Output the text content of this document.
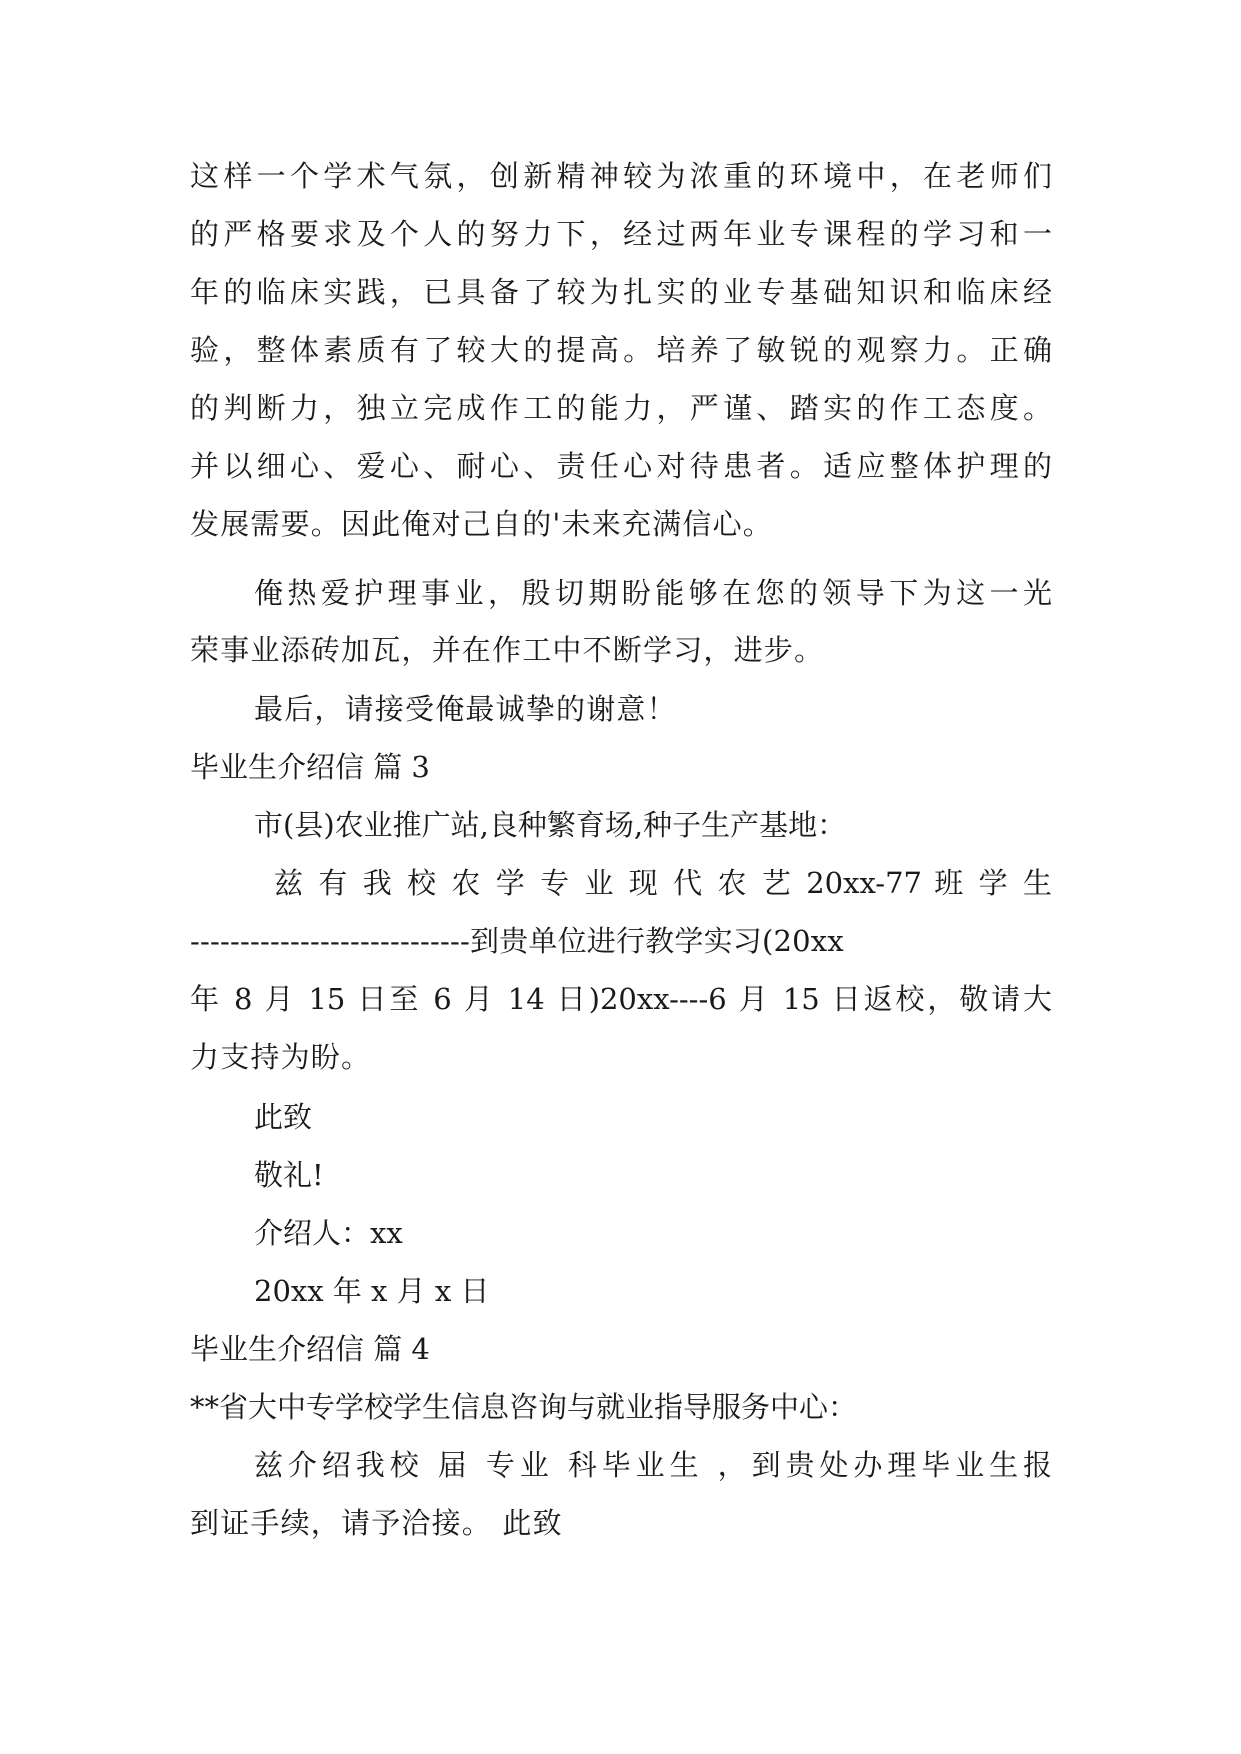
这样一个学术气氛，创新精神较为浓重的环境中，在老师们
的严格要求及个人的努力下，经过两年业专课程的学习和一
年的临床实践，已具备了较为扎实的业专基础知识和临床经
验，整体素质有了较大的提高。培养了敏锐的观察力。正确
的判断力，独立完成作工的能力，严谨、踏实的作工态度。
并以细心、爱心、耐心、责任心对待患者。适应整体护理的
发展需要。因此俺对己自的'未来充满信心。
俺热爱护理事业，殷切期盼能够在您的领导下为这一光
荣事业添砖加瓦，并在作工中不断学习，进步。
最后，请接受俺最诚挚的谢意！
毕业生介绍信 篇 3
市(县)农业推广站,良种繁育场,种子生产基地：
兹 有 我 校 农 学 专 业 现 代 农 艺 20xx-77 班 学 生
----------------------------到贵单位进行教学实习(20xx
年 8 月 15 日至 6 月 14 日)20xx----6 月 15 日返校，敬请大
力支持为盼。
此致
敬礼!
介绍人：xx
20xx 年 x 月 x 日
毕业生介绍信 篇 4
**省大中专学校学生信息咨询与就业指导服务中心：
兹介绍我校 届 专业 科毕业生 ，到贵处办理毕业生报
到证手续，请予洽接。 此致
